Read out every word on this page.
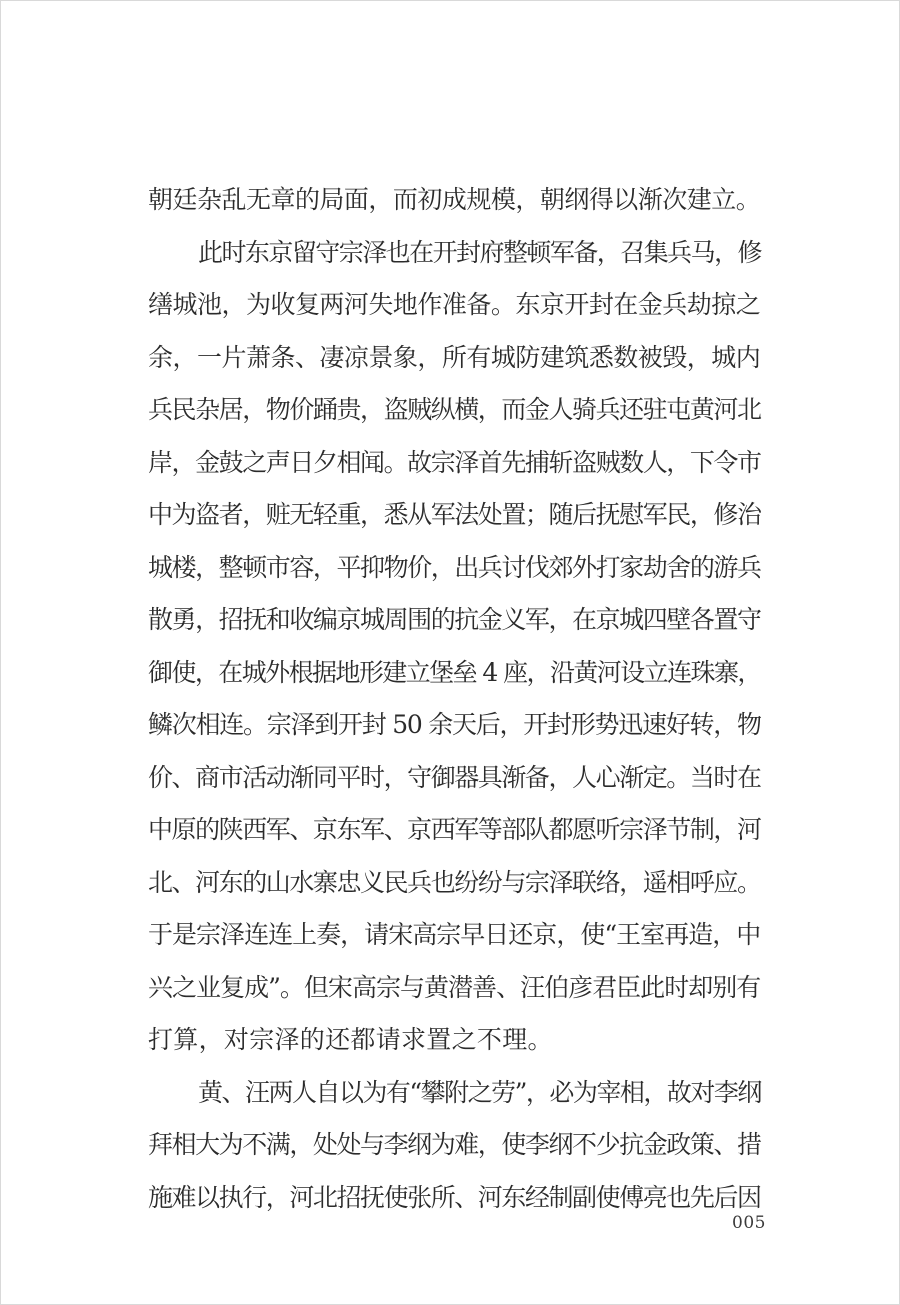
朝廷杂乱无章的局面，而初成规模，朝纲得以渐次建立。
此时东京留守宗泽也在开封府整顿军备，召集兵马，修
缮城池，为收复两河失地作准备。东京开封在金兵劫掠之
余，一片萧条、凄凉景象，所有城防建筑悉数被毁，城内
兵民杂居，物价踊贵，盗贼纵横，而金人骑兵还驻屯黄河北
岸，金鼓之声日夕相闻。故宗泽首先捕斩盗贼数人，下令市
中为盗者，赃无轻重，悉从军法处置；随后抚慰军民，修治
城楼，整顿市容，平抑物价，出兵讨伐郊外打家劫舍的游兵
散勇，招抚和收编京城周围的抗金义军，在京城四壁各置守
御使，在城外根据地形建立堡垒 4 座，沿黄河设立连珠寨，
鳞次相连。宗泽到开封 50 余天后，开封形势迅速好转，物
价、商市活动渐同平时，守御器具渐备，人心渐定。当时在
中原的陕西军、京东军、京西军等部队都愿听宗泽节制，河
北、河东的山水寨忠义民兵也纷纷与宗泽联络，遥相呼应。
于是宗泽连连上奏，请宋高宗早日还京，使“王室再造，中
兴之业复成”。但宋高宗与黄潜善、汪伯彦君臣此时却别有
打算，对宗泽的还都请求置之不理。
黄、汪两人自以为有“攀附之劳”，必为宰相，故对李纲
拜相大为不满，处处与李纲为难，使李纲不少抗金政策、措
施难以执行，河北招抚使张所、河东经制副使傅亮也先后因
005
